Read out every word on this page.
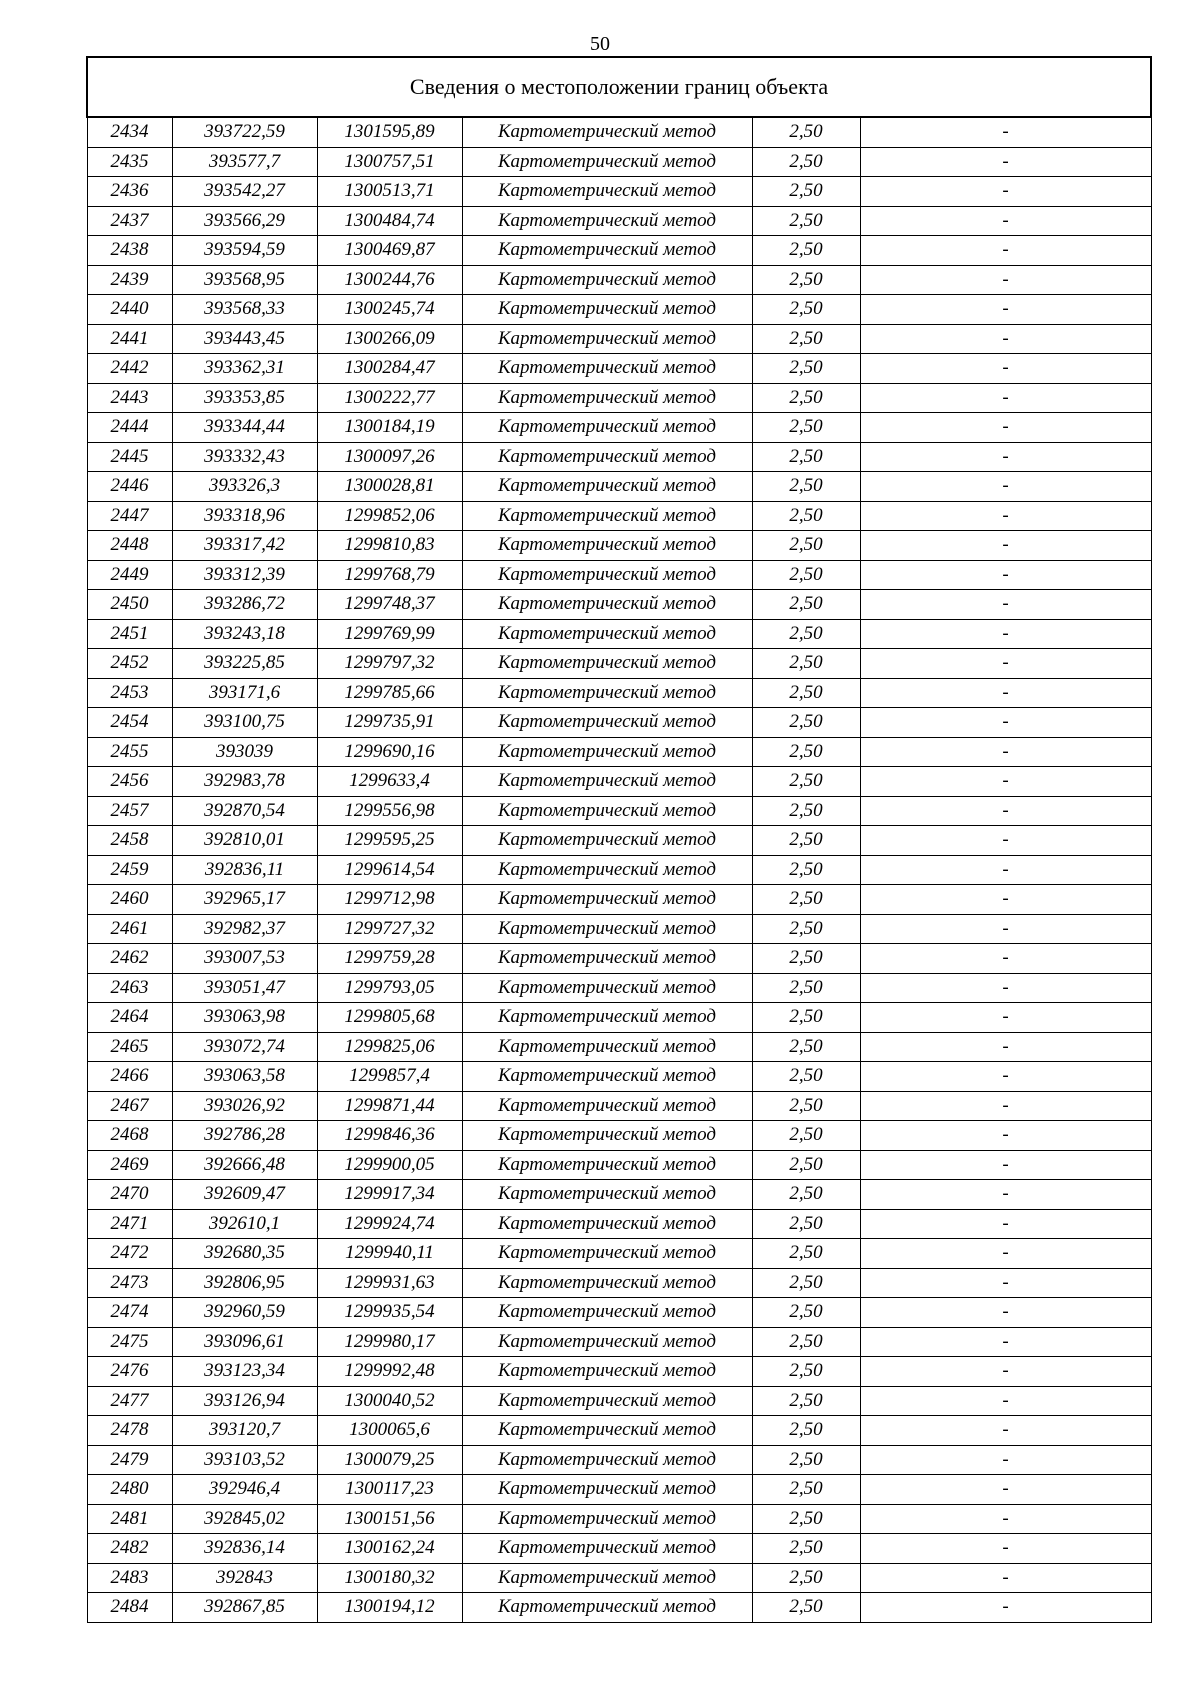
50
Сведения о местоположении границ объекта					
2434	393722,59	1301595,89	Картометрический метод	2,50	-
2435	393577,7	1300757,51	Картометрический метод	2,50	-
2436	393542,27	1300513,71	Картометрический метод	2,50	-
2437	393566,29	1300484,74	Картометрический метод	2,50	-
2438	393594,59	1300469,87	Картометрический метод	2,50	-
2439	393568,95	1300244,76	Картометрический метод	2,50	-
2440	393568,33	1300245,74	Картометрический метод	2,50	-
2441	393443,45	1300266,09	Картометрический метод	2,50	-
2442	393362,31	1300284,47	Картометрический метод	2,50	-
2443	393353,85	1300222,77	Картометрический метод	2,50	-
2444	393344,44	1300184,19	Картометрический метод	2,50	-
2445	393332,43	1300097,26	Картометрический метод	2,50	-
2446	393326,3	1300028,81	Картометрический метод	2,50	-
2447	393318,96	1299852,06	Картометрический метод	2,50	-
2448	393317,42	1299810,83	Картометрический метод	2,50	-
2449	393312,39	1299768,79	Картометрический метод	2,50	-
2450	393286,72	1299748,37	Картометрический метод	2,50	-
2451	393243,18	1299769,99	Картометрический метод	2,50	-
2452	393225,85	1299797,32	Картометрический метод	2,50	-
2453	393171,6	1299785,66	Картометрический метод	2,50	-
2454	393100,75	1299735,91	Картометрический метод	2,50	-
2455	393039	1299690,16	Картометрический метод	2,50	-
2456	392983,78	1299633,4	Картометрический метод	2,50	-
2457	392870,54	1299556,98	Картометрический метод	2,50	-
2458	392810,01	1299595,25	Картометрический метод	2,50	-
2459	392836,11	1299614,54	Картометрический метод	2,50	-
2460	392965,17	1299712,98	Картометрический метод	2,50	-
2461	392982,37	1299727,32	Картометрический метод	2,50	-
2462	393007,53	1299759,28	Картометрический метод	2,50	-
2463	393051,47	1299793,05	Картометрический метод	2,50	-
2464	393063,98	1299805,68	Картометрический метод	2,50	-
2465	393072,74	1299825,06	Картометрический метод	2,50	-
2466	393063,58	1299857,4	Картометрический метод	2,50	-
2467	393026,92	1299871,44	Картометрический метод	2,50	-
2468	392786,28	1299846,36	Картометрический метод	2,50	-
2469	392666,48	1299900,05	Картометрический метод	2,50	-
2470	392609,47	1299917,34	Картометрический метод	2,50	-
2471	392610,1	1299924,74	Картометрический метод	2,50	-
2472	392680,35	1299940,11	Картометрический метод	2,50	-
2473	392806,95	1299931,63	Картометрический метод	2,50	-
2474	392960,59	1299935,54	Картометрический метод	2,50	-
2475	393096,61	1299980,17	Картометрический метод	2,50	-
2476	393123,34	1299992,48	Картометрический метод	2,50	-
2477	393126,94	1300040,52	Картометрический метод	2,50	-
2478	393120,7	1300065,6	Картометрический метод	2,50	-
2479	393103,52	1300079,25	Картометрический метод	2,50	-
2480	392946,4	1300117,23	Картометрический метод	2,50	-
2481	392845,02	1300151,56	Картометрический метод	2,50	-
2482	392836,14	1300162,24	Картометрический метод	2,50	-
2483	392843	1300180,32	Картометрический метод	2,50	-
2484	392867,85	1300194,12	Картометрический метод	2,50	-
